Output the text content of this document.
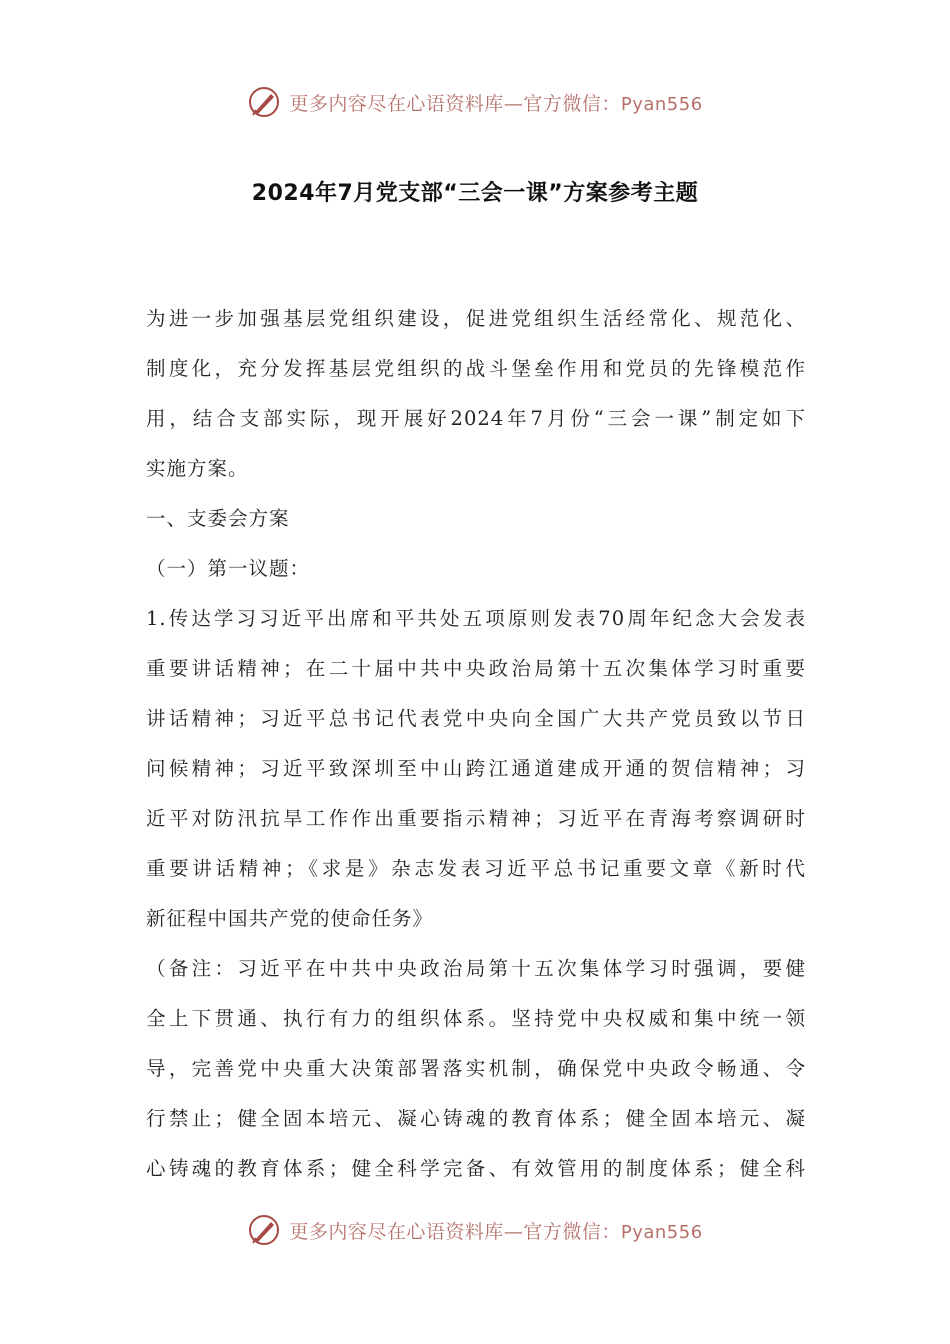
更多内容尽在心语资料库—官方微信：Pyan556
2024年7月党支部“三会一课”方案参考主题
为进一步加强基层党组织建设，促进党组织生活经常化、规范化、
制度化，充分发挥基层党组织的战斗堡垒作用和党员的先锋模范作
用，结合支部实际，现开展好2024年7月份“三会一课”制定如下
实施方案。
一、支委会方案
（一）第一议题：
1.传达学习习近平出席和平共处五项原则发表70周年纪念大会发表
重要讲话精神；在二十届中共中央政治局第十五次集体学习时重要
讲话精神；习近平总书记代表党中央向全国广大共产党员致以节日
问候精神；习近平致深圳至中山跨江通道建成开通的贺信精神；习
近平对防汛抗旱工作作出重要指示精神；习近平在青海考察调研时
重要讲话精神；《求是》杂志发表习近平总书记重要文章《新时代
新征程中国共产党的使命任务》
（备注：习近平在中共中央政治局第十五次集体学习时强调，要健
全上下贯通、执行有力的组织体系。坚持党中央权威和集中统一领
导，完善党中央重大决策部署落实机制，确保党中央政令畅通、令
行禁止；健全固本培元、凝心铸魂的教育体系；健全固本培元、凝
心铸魂的教育体系；健全科学完备、有效管用的制度体系；健全科
更多内容尽在心语资料库—官方微信：Pyan556
